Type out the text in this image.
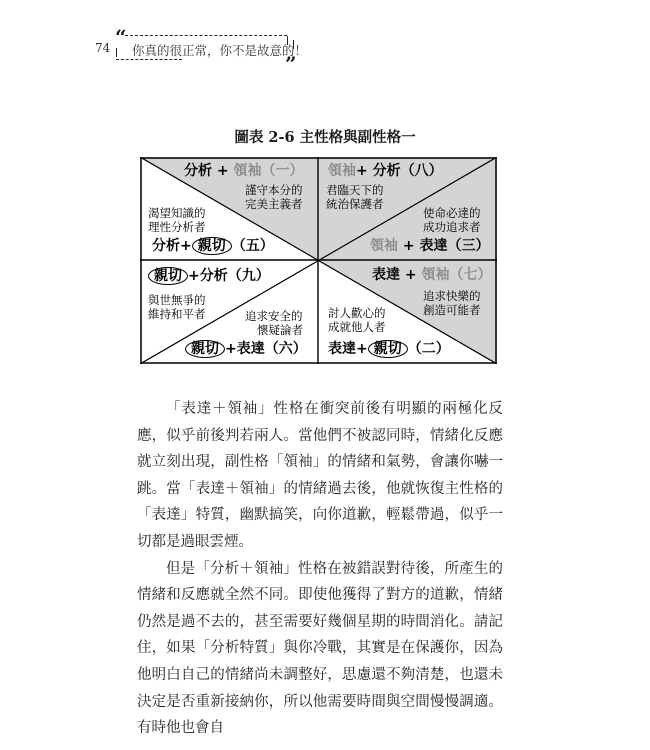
74 “
你真的很正常，你不是故意的！
”
圖表 2-6 主性格與副性格一
分析 + 領袖（一）
謹守本分的
完美主義者
領袖+ 分析（八）
君臨天下的
統治保護者
渴望知識的
理性分析者
分析+ 親切 （五）
使命必達的
成功追求者
領袖 + 表達（三）
親切 +分析（九）
與世無爭的
維持和平者
表達 + 領袖（七）
追求快樂的
創造可能者
追求安全的
懷疑論者
親切 +表達（六）
討人歡心的
成就他人者
表達+ 親切 （二）

「表達＋領袖」性格在衝突前後有明顯的兩極化反應，似乎前後判若兩人。當他們不被認同時，情緒化反應就立刻出現，副性格「領袖」的情緒和氣勢，會讓你嚇一跳。當「表達＋領袖」的情緒過去後，他就恢復主性格的「表達」特質，幽默搞笑，向你道歉，輕鬆帶過，似乎一切都是過眼雲煙。

但是「分析＋領袖」性格在被錯誤對待後，所產生的情緒和反應就全然不同。即使他獲得了對方的道歉，情緒仍然是過不去的，甚至需要好幾個星期的時間消化。請記住，如果「分析特質」與你冷戰，其實是在保護你，因為他明白自己的情緒尚未調整好，思慮還不夠清楚，也還未決定是否重新接納你，所以他需要時間與空間慢慢調適。有時他也會自
